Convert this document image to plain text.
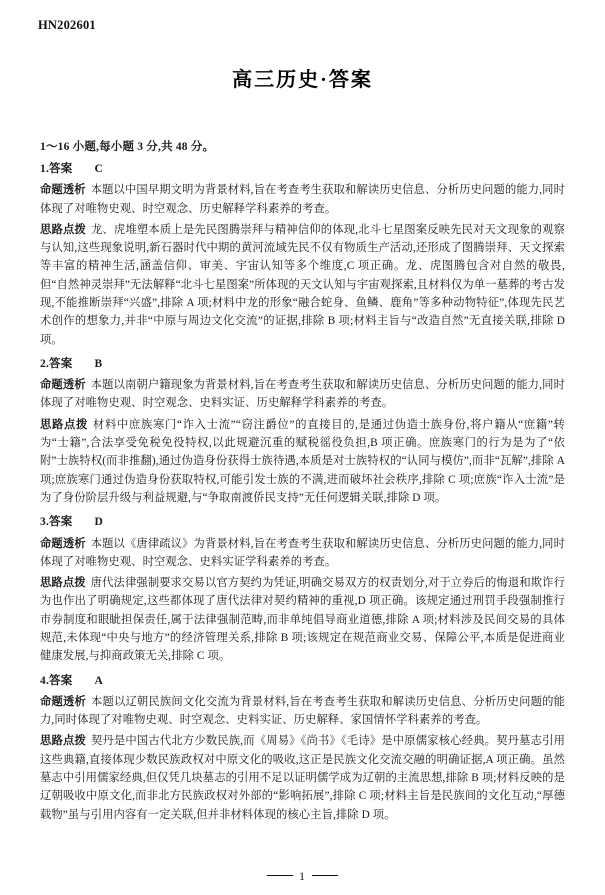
HN202601
高三历史·答案
1～16 小题,每小题 3 分,共 48 分。
1.答案 C
命题透析 本题以中国早期文明为背景材料,旨在考查考生获取和解读历史信息、分析历史问题的能力,同时体现了对唯物史观、时空观念、历史解释学科素养的考查。
思路点拨 龙、虎堆塑本质上是先民图腾崇拜与精神信仰的体现,北斗七星图案反映先民对天文现象的观察与认知,这些现象说明,新石器时代中期的黄河流域先民不仅有物质生产活动,还形成了图腾崇拜、天文探索等丰富的精神生活,涵盖信仰、审美、宇宙认知等多个维度,C 项正确。龙、虎图腾包含对自然的敬畏,但“自然神灵崇拜”无法解释“北斗七星图案”所体现的天文认知与宇宙观探索,且材料仅为单一墓葬的考古发现,不能推断崇拜“兴盛”,排除 A 项;材料中龙的形象“融合蛇身、鱼鳞、鹿角”等多种动物特征”,体现先民艺术创作的想象力,并非“中原与周边文化交流”的证据,排除 B 项;材料主旨与“改造自然”无直接关联,排除 D 项。
2.答案 B
命题透析 本题以南朝户籍现象为背景材料,旨在考查考生获取和解读历史信息、分析历史问题的能力,同时体现了对唯物史观、时空观念、史料实证、历史解释学科素养的考查。
思路点拨 材料中庶族寒门“诈入士流”“窃注爵位”的直接目的,是通过伪造士族身份,将户籍从“庶籍”转为“士籍”,合法享受免税免役特权,以此规避沉重的赋税徭役负担,B 项正确。庶族寒门的行为是为了“依附”士族特权(而非推翻),通过伪造身份获得士族待遇,本质是对士族特权的“认同与模仿”,而非“瓦解”,排除 A 项;庶族寒门通过伪造身份获取特权,可能引发士族的不满,进而破坏社会秩序,排除 C 项;庶族“诈入士流”是为了身份阶层升级与利益规避,与“争取南渡侨民支持”无任何逻辑关联,排除 D 项。
3.答案 D
命题透析 本题以《唐律疏议》为背景材料,旨在考查考生获取和解读历史信息、分析历史问题的能力,同时体现了对唯物史观、时空观念、史料实证学科素养的考查。
思路点拨 唐代法律强制要求交易以官方契约为凭证,明确交易双方的权责划分,对于立券后的悔退和欺诈行为也作出了明确规定,这些都体现了唐代法律对契约精神的重视,D 项正确。该规定通过刑罚手段强制推行市券制度和眼眦担保责任,属于法律强制范畴,而非单纯倡导商业道德,排除 A 项;材料涉及民间交易的具体规范,未体现“中央与地方”的经济管理关系,排除 B 项;该规定在规范商业交易、保障公平,本质是促进商业健康发展,与抑商政策无关,排除 C 项。
4.答案 A
命题透析 本题以辽朝民族间文化交流为背景材料,旨在考查考生获取和解读历史信息、分析历史问题的能力,同时体现了对唯物史观、时空观念、史料实证、历史解释、家国情怀学科素养的考查。
思路点拨 契丹是中国古代北方少数民族,而《周易》《尚书》《毛诗》是中原儒家核心经典。契丹墓志引用这些典籍,直接体现少数民族政权对中原文化的吸收,这正是民族文化交流交融的明确证据,A 项正确。虽然墓志中引用儒家经典,但仅凭几块墓志的引用不足以证明儒学成为辽朝的主流思想,排除 B 项;材料反映的是辽朝吸收中原文化,而非北方民族政权对外部的“影响拓展”,排除 C 项;材料主旨是民族间的文化互动,“厚德载物”虽与引用内容有一定关联,但并非材料体现的核心主旨,排除 D 项。
1
